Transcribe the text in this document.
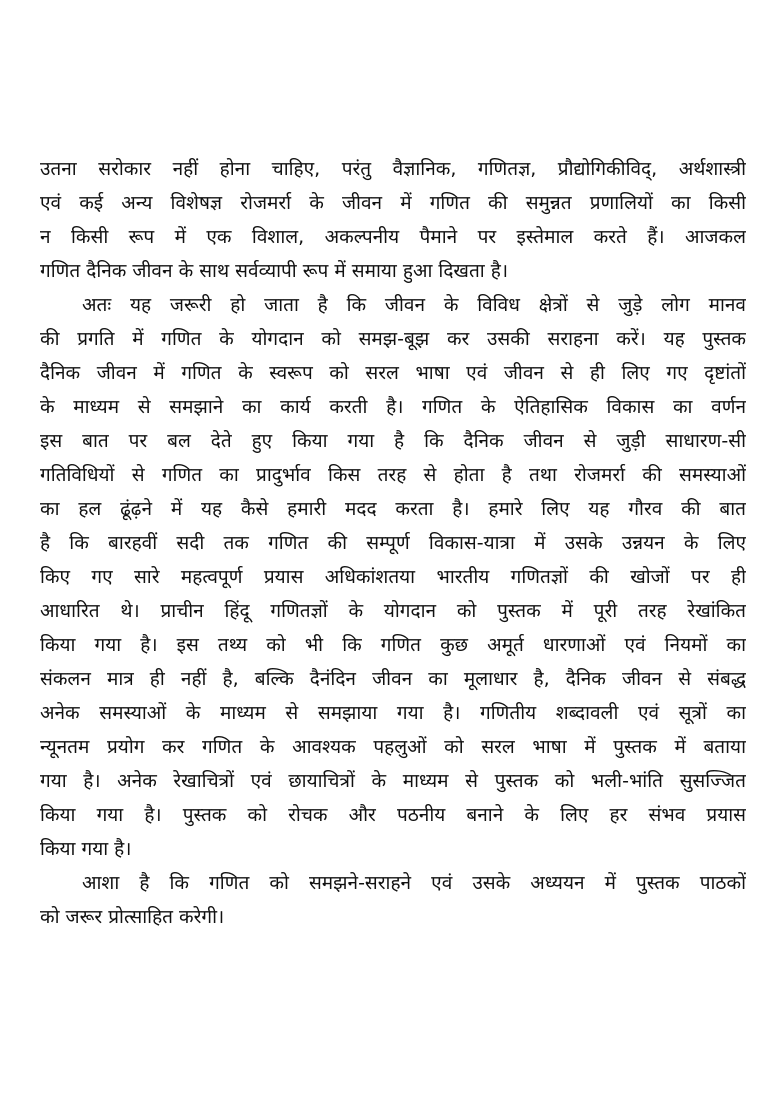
उतना सरोकार नहीं होना चाहिए, परंतु वैज्ञानिक, गणितज्ञ, प्रौद्योगिकीविद्, अर्थशास्त्री
एवं कई अन्य विशेषज्ञ रोजमर्रा के जीवन में गणित की समुन्नत प्रणालियों का किसी
न किसी रूप में एक विशाल, अकल्पनीय पैमाने पर इस्तेमाल करते हैं। आजकल
गणित दैनिक जीवन के साथ सर्वव्यापी रूप में समाया हुआ दिखता है।
अतः यह जरूरी हो जाता है कि जीवन के विविध क्षेत्रों से जुड़े लोग मानव
की प्रगति में गणित के योगदान को समझ-बूझ कर उसकी सराहना करें। यह पुस्तक
दैनिक जीवन में गणित के स्वरूप को सरल भाषा एवं जीवन से ही लिए गए दृष्टांतों
के माध्यम से समझाने का कार्य करती है। गणित के ऐतिहासिक विकास का वर्णन
इस बात पर बल देते हुए किया गया है कि दैनिक जीवन से जुड़ी साधारण-सी
गतिविधियों से गणित का प्रादुर्भाव किस तरह से होता है तथा रोजमर्रा की समस्याओं
का हल ढूंढ़ने में यह कैसे हमारी मदद करता है। हमारे लिए यह गौरव की बात
है कि बारहवीं सदी तक गणित की सम्पूर्ण विकास-यात्रा में उसके उन्नयन के लिए
किए गए सारे महत्वपूर्ण प्रयास अधिकांशतया भारतीय गणितज्ञों की खोजों पर ही
आधारित थे। प्राचीन हिंदू गणितज्ञों के योगदान को पुस्तक में पूरी तरह रेखांकित
किया गया है। इस तथ्य को भी कि गणित कुछ अमूर्त धारणाओं एवं नियमों का
संकलन मात्र ही नहीं है, बल्कि दैनंदिन जीवन का मूलाधार है, दैनिक जीवन से संबद्ध
अनेक समस्याओं के माध्यम से समझाया गया है। गणितीय शब्दावली एवं सूत्रों का
न्यूनतम प्रयोग कर गणित के आवश्यक पहलुओं को सरल भाषा में पुस्तक में बताया
गया है। अनेक रेखाचित्रों एवं छायाचित्रों के माध्यम से पुस्तक को भली-भांति सुसज्जित
किया गया है। पुस्तक को रोचक और पठनीय बनाने के लिए हर संभव प्रयास
किया गया है।
आशा है कि गणित को समझने-सराहने एवं उसके अध्ययन में पुस्तक पाठकों
को जरूर प्रोत्साहित करेगी।
